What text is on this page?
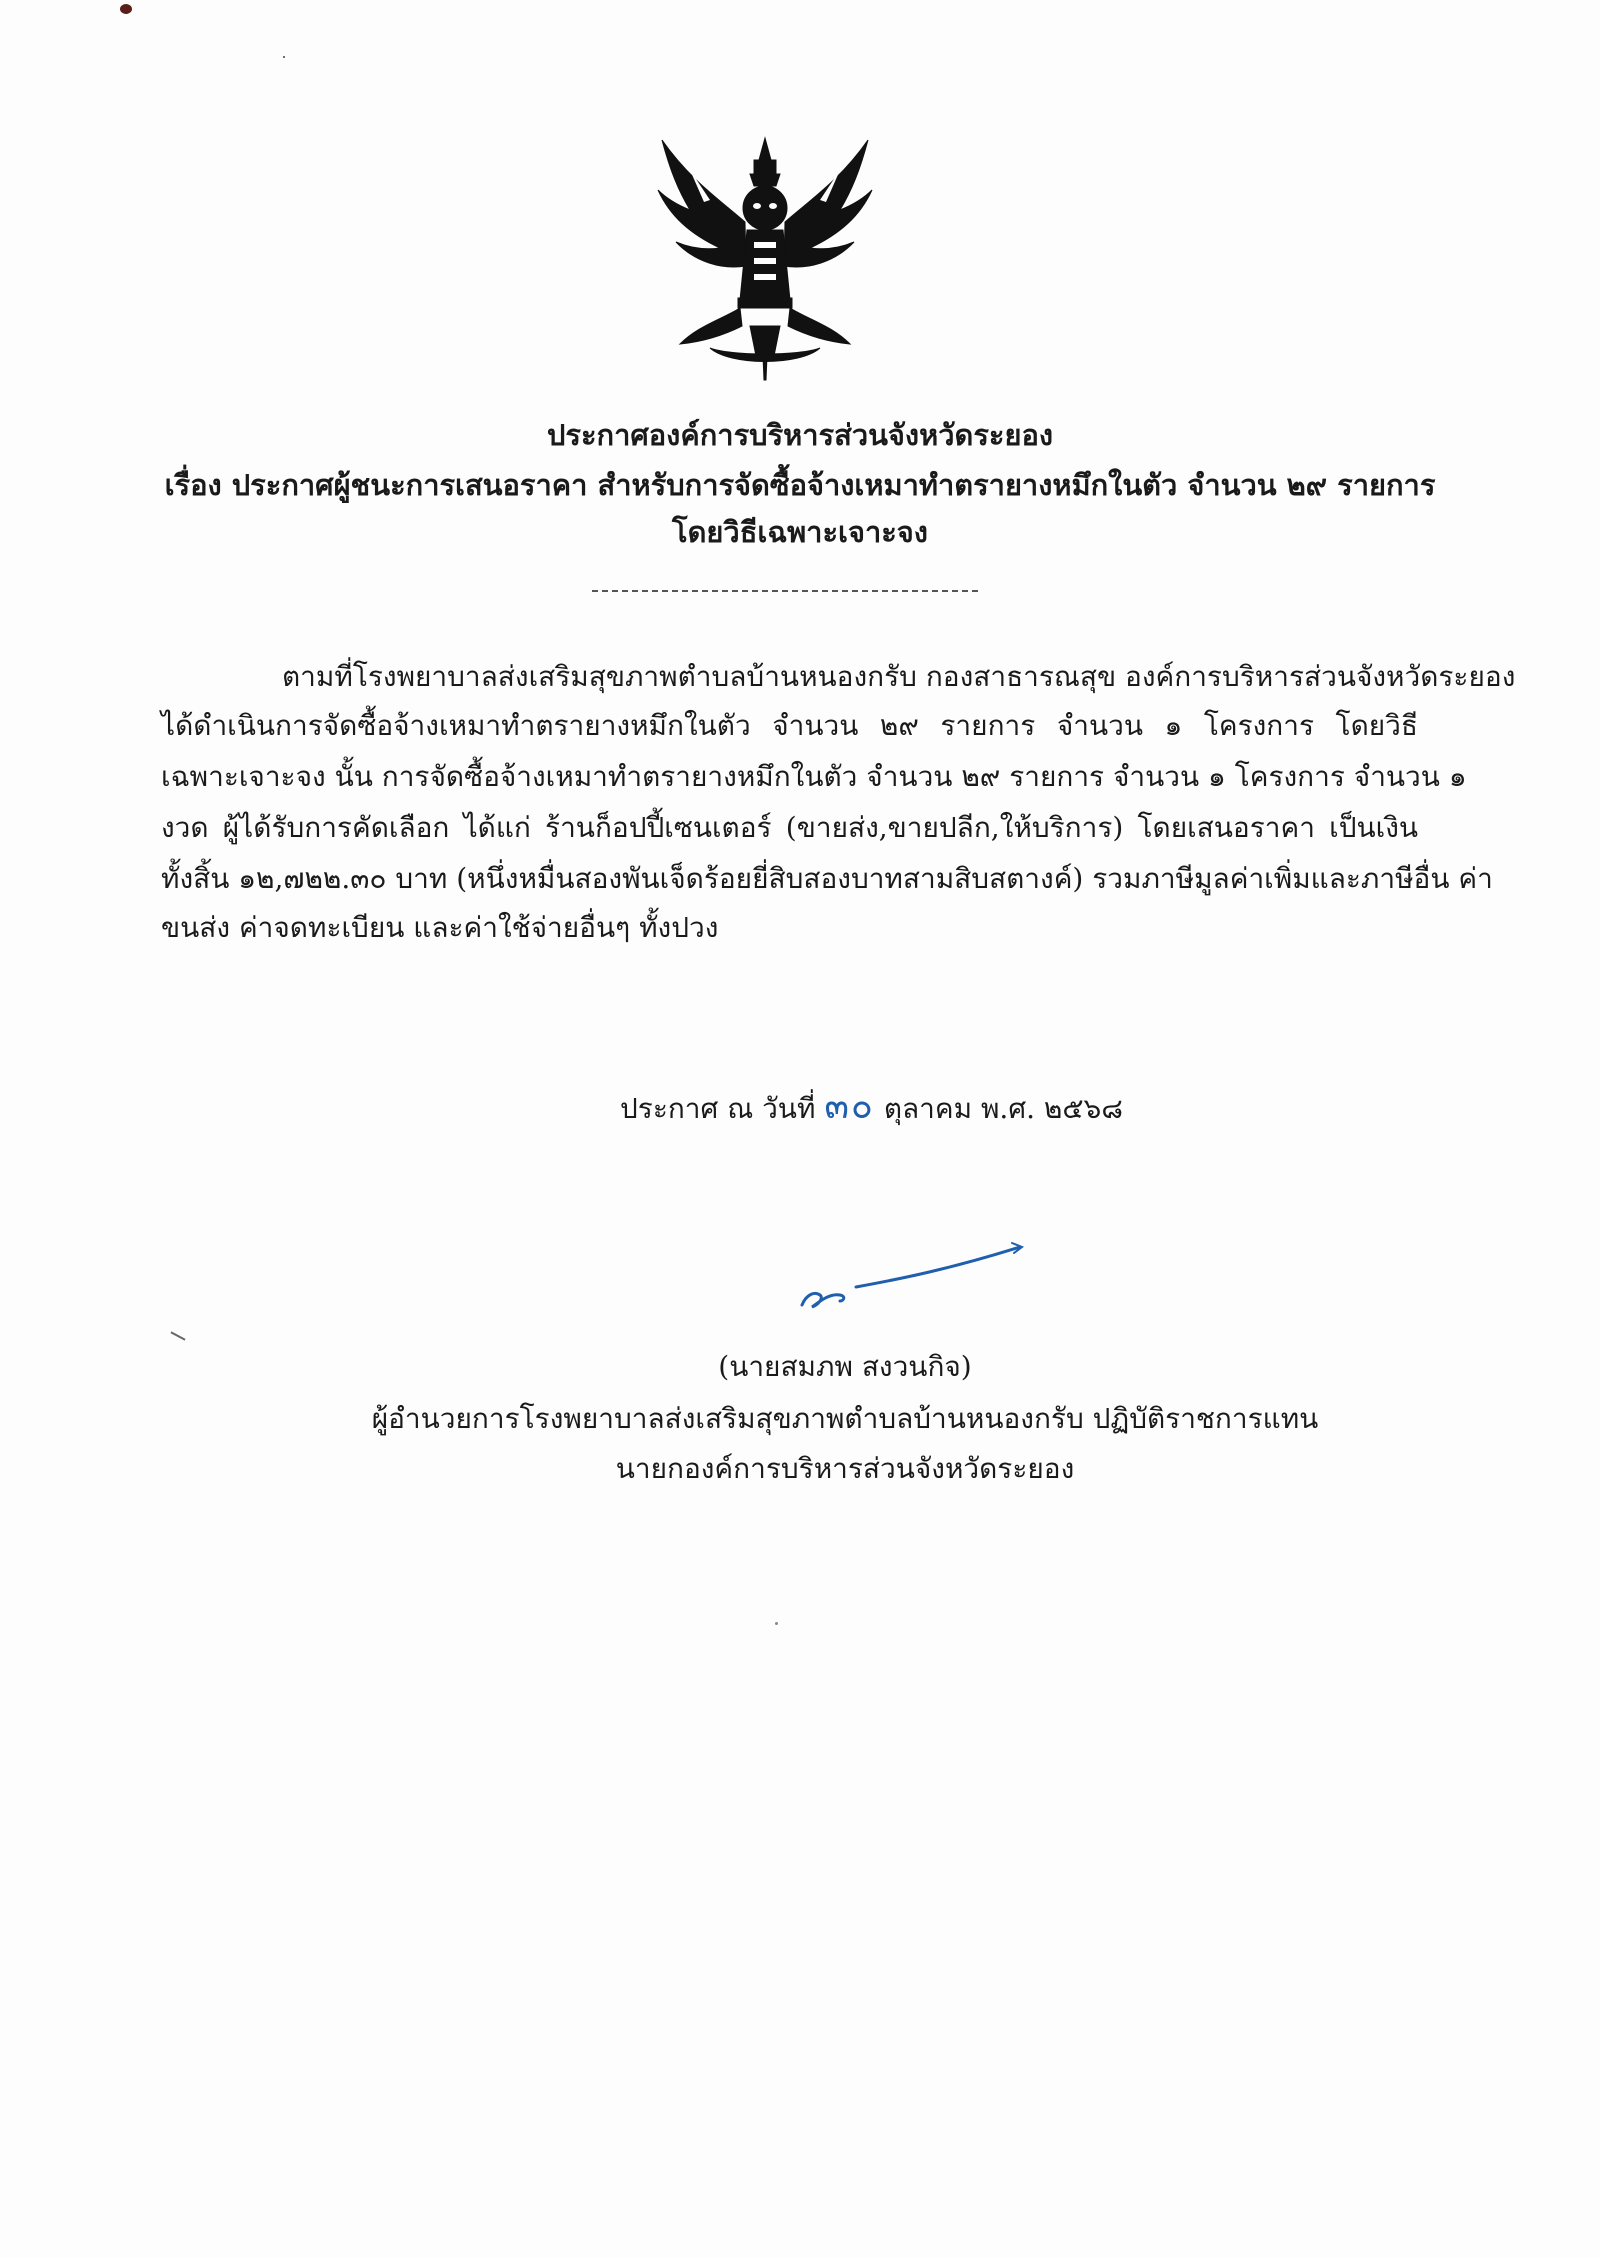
ประกาศองค์การบริหารส่วนจังหวัดระยอง
เรื่อง ประกาศผู้ชนะการเสนอราคา สำหรับการจัดซื้อจ้างเหมาทำตรายางหมึกในตัว จำนวน ๒๙ รายการ
โดยวิธีเฉพาะเจาะจง
ตามที่โรงพยาบาลส่งเสริมสุขภาพตำบลบ้านหนองกรับ กองสาธารณสุข องค์การบริหารส่วนจังหวัดระยอง
ได้ดำเนินการจัดซื้อจ้างเหมาทำตรายางหมึกในตัว จำนวน ๒๙ รายการ จำนวน ๑ โครงการ โดยวิธี
เฉพาะเจาะจง นั้น การจัดซื้อจ้างเหมาทำตรายางหมึกในตัว จำนวน ๒๙ รายการ จำนวน ๑ โครงการ จำนวน ๑
งวด ผู้ได้รับการคัดเลือก ได้แก่ ร้านก็อปปี้เซนเตอร์ (ขายส่ง,ขายปลีก,ให้บริการ) โดยเสนอราคา เป็นเงิน
ทั้งสิ้น ๑๒,๗๒๒.๓๐ บาท (หนึ่งหมื่นสองพันเจ็ดร้อยยี่สิบสองบาทสามสิบสตางค์) รวมภาษีมูลค่าเพิ่มและภาษีอื่น ค่า
ขนส่ง ค่าจดทะเบียน และค่าใช้จ่ายอื่นๆ ทั้งปวง
ประกาศ ณ วันที่ ๓๐ ตุลาคม พ.ศ. ๒๕๖๘
(นายสมภพ สงวนกิจ)
ผู้อำนวยการโรงพยาบาลส่งเสริมสุขภาพตำบลบ้านหนองกรับ ปฏิบัติราชการแทน
นายกองค์การบริหารส่วนจังหวัดระยอง
